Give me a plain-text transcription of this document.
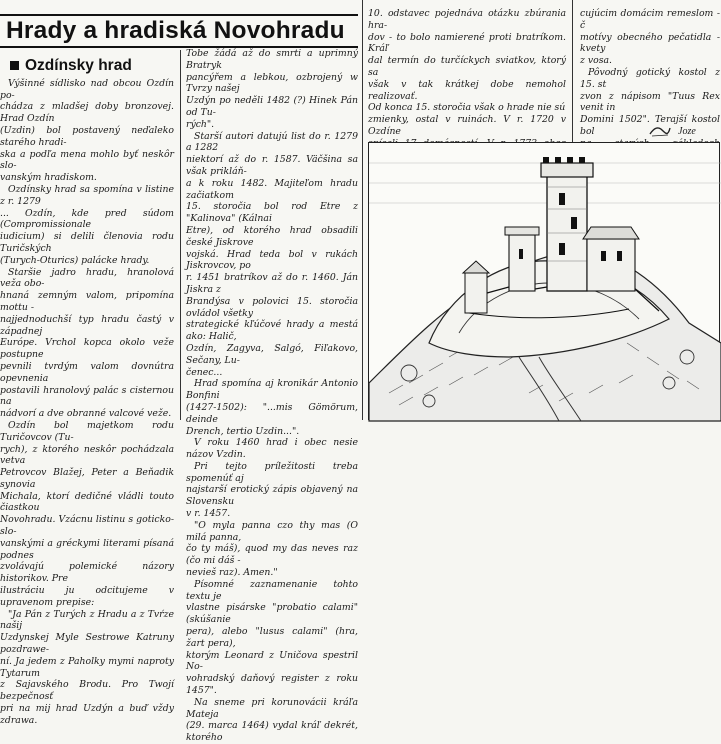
Hrady a hradiská Novohradu
Ozdínsky hrad

Výšinné sídlisko nad obcou Ozdín po-

chádza z mladšej doby bronzovej. Hrad Ozdín

(Uzdin) bol postavený neďaleko starého hradi-

ska a podľa mena mohlo byť neskôr slo-

vanským hradiskom.

Ozdínsky hrad sa spomína v listine z r. 1279

... Ozdín, kde pred súdom (Compromissionale

iudicium) si delili členovia rodu Turičských

(Turych-Oturics) palácke hrady.

Staršie jadro hradu, hranolová veža obo-

hnaná zemným valom, pripomína mottu -

najjednoduchší typ hradu častý v západnej

Európe. Vrchol kopca okolo veže postupne

pevnili tvrdým valom dovnútra opevnenia

postavili hranolový palác s cisternou na

nádvorí a dve obranné valcové veže.

Ozdín bol majetkom rodu Turičovcov (Tu-

rych), z ktorého neskôr pochádzala vetva

Petrovcov Blažej, Peter a Beňadik synovia

Michala, ktorí dedičné vládli touto čiastkou

Novohradu. Vzácnu listinu s goticko-slo-

vanskými a gréckymi literami písaná podnes

zvolávajú polemické názory historikov. Pre

ilustráciu ju odcitujeme v upravenom prepise:

"Ja Pán z Turých z Hradu a z Tvŕze našij

Uzdynskej Myle Sestrowe Katruny pozdrawe-

ní. Ja jedem z Paholky mymi naproty Tytarum

z Sajavského Brodu. Pro Twojí bezpečnosť

pri na mij hrad Uzdýn a buď vždy zdrawa.

Tobe žádá až do smrti a uprimný Bratryk

pancýřem a lebkou, ozbrojený w Tvrzy našej

Uzdýn po neděli 1482 (?) Hinek Pán od Tu-

rých".

Starší autori datujú list do r. 1279 a 1282

niektorí až do r. 1587. Väčšina sa však prikláň-

a k roku 1482. Majiteľom hradu začiatkom

15. storočia bol rod Etre z "Kalinova" (Kálnai

Etre), od ktorého hrad obsadili české Jiskrove

vojská. Hrad teda bol v rukách Jiskrovcov, po

r. 1451 bratríkov až do r. 1460. Ján Jiskra z

Brandýsa v polovici 15. storočia ovládol všetky

strategické kľúčové hrady a mestá ako: Halič,

Ozdín, Zagyva, Salgó, Fiľakovo, Sečany, Lu-

čenec...

Hrad spomína aj kronikár Antonio Bonfini

(1427-1502): "...mis Gömörum, deinde

Drench, tertio Uzdin...".

V roku 1460 hrad i obec nesie názov Vzdin.

Pri tejto príležitosti treba spomenúť aj

najstarší erotický zápis objavený na Slovensku

v r. 1457.

"O myla panna czo thy mas (O milá panna,

čo ty máš), quod my das neves raz (čo mi dáš -

nevieš raz). Amen."

Písomné zaznamenanie tohto textu je

vlastne pisárske "probatio calami" (skúšanie

pera), alebo "lusus calami" (hra, žart pera),

ktorým Leonard z Uničova spestril No-

vohradský daňový register z roku 1457".

Na sneme pri korunovácii kráľa Mateja

(29. marca 1464) vydal kráľ dekrét, ktorého

10. odstavec pojednáva otázku zbúrania hra-

dov - to bolo namierené proti bratríkom. Kráľ

dal termín do turčíckych sviatkov, ktorý sa

však v tak krátkej dobe nemohol realizovať.

Od konca 15. storočia však o hrade nie sú

zmienky, ostal v ruinách. V r. 1720 v Ozdíne

cujúcim domácim remeslom - č

motívy obecného pečatidla - kvety

z vosa.

Pôvodný gotický kostol z 15. st

zvon z nápisom "Tuus Rex venit in

Domini 1502". Terajší kostol bol	Joze
